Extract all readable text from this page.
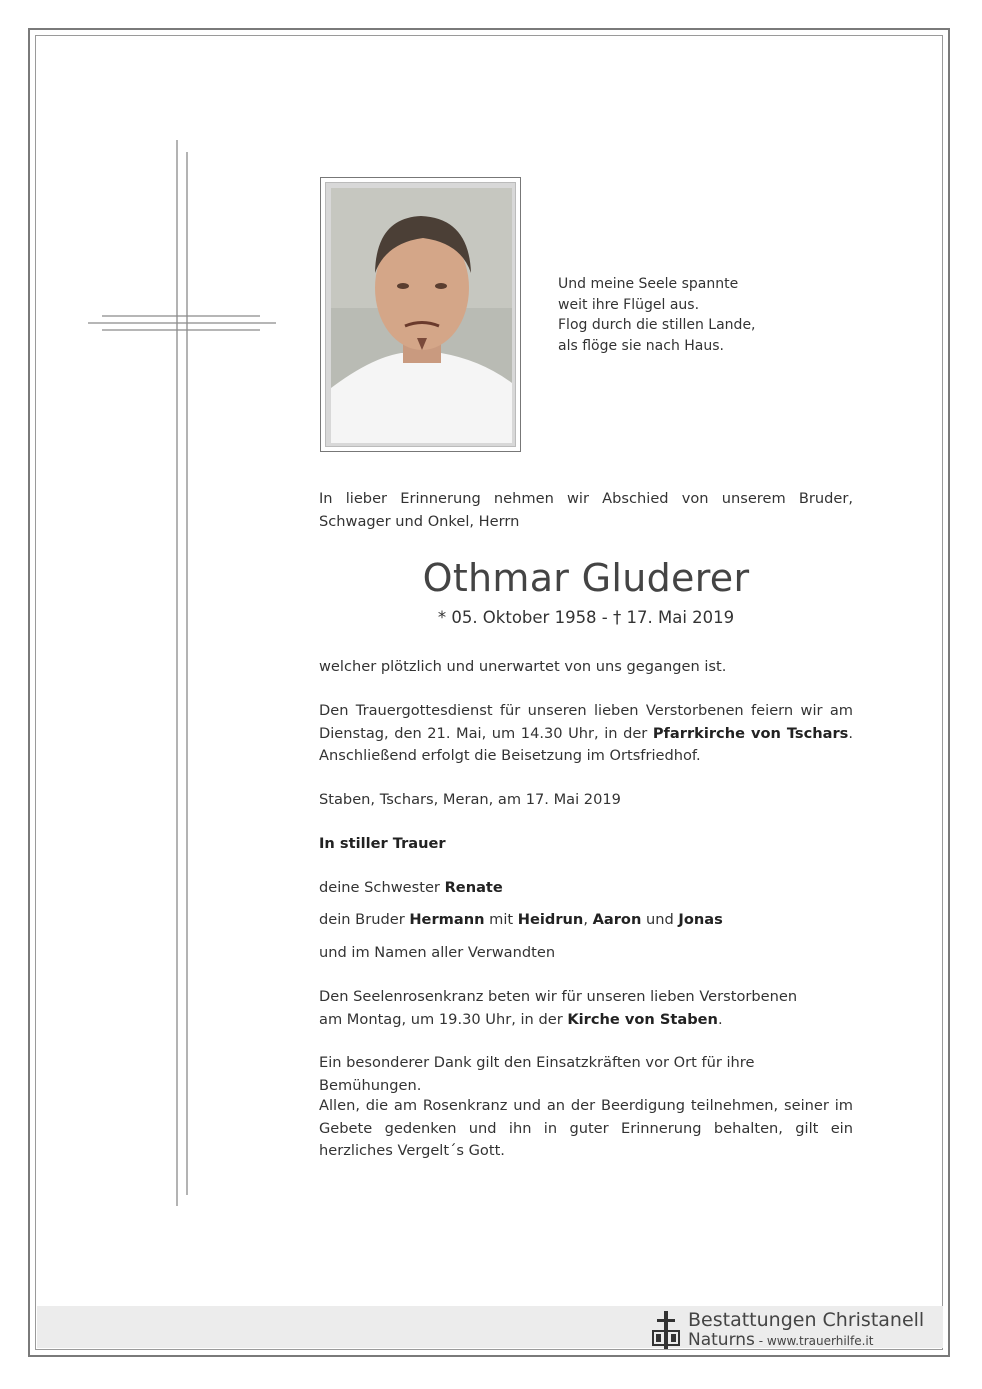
Und meine Seele spannte
weit ihre Flügel aus.
Flog durch die stillen Lande,
als flöge sie nach Haus.
In lieber Erinnerung nehmen wir Abschied von unserem Bruder, Schwager und Onkel, Herrn
Othmar Gluderer
* 05. Oktober 1958 - † 17. Mai 2019
welcher plötzlich und unerwartet von uns gegangen ist.
Den Trauergottesdienst für unseren lieben Verstorbenen feiern wir am Dienstag, den 21. Mai, um 14.30 Uhr, in der Pfarrkirche von Tschars. Anschließend erfolgt die Beisetzung im Ortsfriedhof.
Staben, Tschars, Meran, am 17. Mai 2019
In stiller Trauer
deine Schwester Renate
dein Bruder Hermann mit Heidrun, Aaron und Jonas
und im Namen aller Verwandten
Den Seelenrosenkranz beten wir für unseren lieben Verstorbenen
am Montag, um 19.30 Uhr, in der Kirche von Staben.
Ein besonderer Dank gilt den Einsatzkräften vor Ort für ihre Bemühungen.
Allen, die am Rosenkranz und an der Beerdigung teilnehmen, seiner im Gebete gedenken und ihn in guter Erinnerung behalten, gilt ein herzliches Vergelt´s Gott.
Bestattungen Christanell
Naturns - www.trauerhilfe.it
